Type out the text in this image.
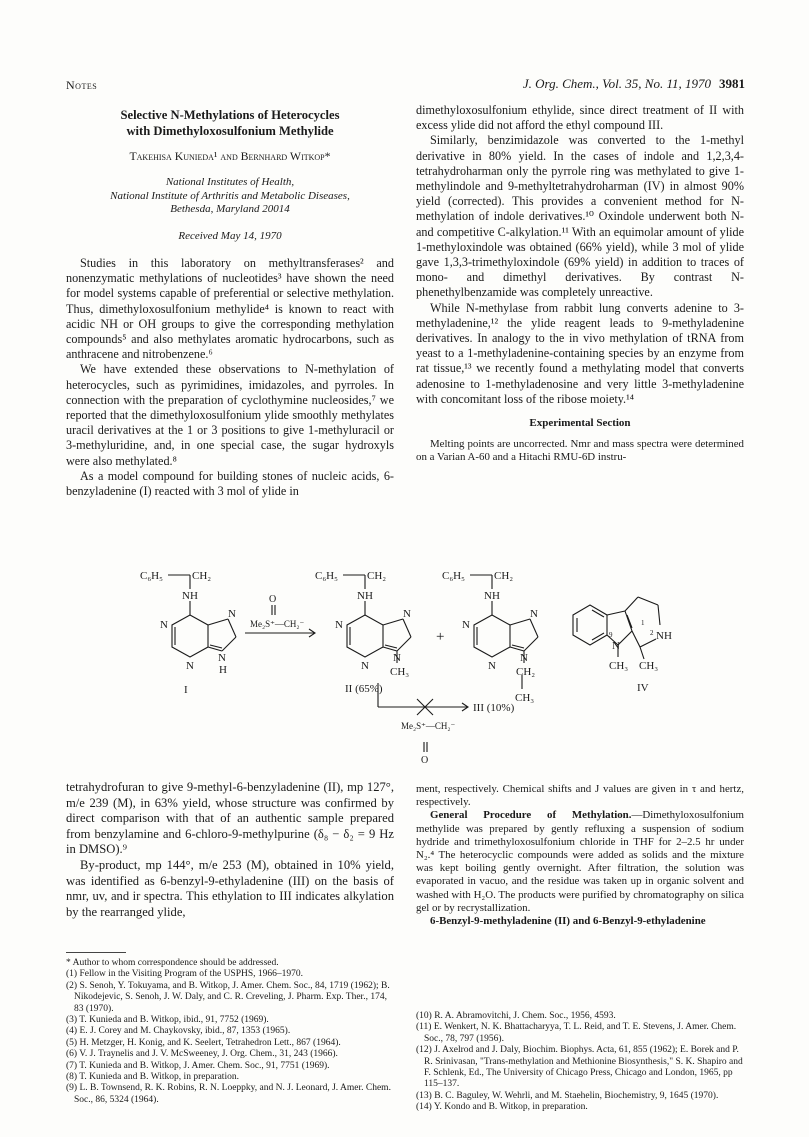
Notes	J. Org. Chem., Vol. 35, No. 11, 1970 3981
Selective N-Methylations of Heterocycles
with Dimethyloxosulfonium Methylide
Takehisa Kunieda¹ and Bernhard Witkop*
National Institutes of Health,
National Institute of Arthritis and Metabolic Diseases,
Bethesda, Maryland 20014
Received May 14, 1970

Studies in this laboratory on methyltransferases² and nonenzymatic methylations of nucleotides³ have shown the need for model systems capable of preferential or selective methylation. Thus, dimethyloxosulfonium methylide⁴ is known to react with acidic NH or OH groups to give the corresponding methylation compounds⁵ and also methylates aromatic hydrocarbons, such as anthracene and nitrobenzene.⁶

We have extended these observations to N-methylation of heterocycles, such as pyrimidines, imidazoles, and pyrroles. In connection with the preparation of cyclothymine nucleosides,⁷ we reported that the dimethyloxosulfonium ylide smoothly methylates uracil derivatives at the 1 or 3 positions to give 1-methyluracil or 3-methyluridine, and, in one special case, the sugar hydroxyls were also methylated.⁸

As a model compound for building stones of nucleic acids, 6-benzyladenine (I) reacted with 3 mol of ylide in

dimethyloxosulfonium ethylide, since direct treatment of II with excess ylide did not afford the ethyl compound III.

Similarly, benzimidazole was converted to the 1-methyl derivative in 80% yield. In the cases of indole and 1,2,3,4-tetrahydroharman only the pyrrole ring was methylated to give 1-methylindole and 9-methyltetrahydroharman (IV) in almost 90% yield (corrected). This provides a convenient method for N-methylation of indole derivatives.¹⁰ Oxindole underwent both N- and competitive C-alkylation.¹¹ With an equimolar amount of ylide 1-methyloxindole was obtained (66% yield), while 3 mol of ylide gave 1,3,3-trimethyloxindole (69% yield) in addition to traces of mono- and dimethyl derivatives. By contrast N-phenethylbenzamide was completely unreactive.

While N-methylase from rabbit lung converts adenine to 3-methyladenine,¹² the ylide reagent leads to 9-methyladenine derivatives. In analogy to the in vivo methylation of tRNA from yeast to a 1-methyladenine-containing species by an enzyme from rat tissue,¹³ we recently found a methylating model that converts adenosine to 1-methyladenosine and very little 3-methyladenine with concomitant loss of the ribose moiety.¹⁴

Experimental Section

Melting points are uncorrected. Nmr and mass spectra were determined on a Varian A-60 and a Hitachi RMU-6D instru-

C₆H₅	CH₂
NH
N
N
N
N
H
I
O
Me₂S⁺—CH₂⁻
C₆H₅	CH₂
NH
N
N
N
N
CH₃
II (65%)
+
C₆H₅	CH₂
NH
N
N
N
N
CH₂
CH₃
N
9
1
2 NH
CH₃ CH₃
IV
III (10%)
Me₂S⁺—CH₂⁻
O

tetrahydrofuran to give 9-methyl-6-benzyladenine (II), mp 127°, m/e 239 (M), in 63% yield, whose structure was confirmed by direct comparison with that of an authentic sample prepared from benzylamine and 6-chloro-9-methylpurine (δ₈ − δ₂ = 9 Hz in DMSO).⁹

By-product, mp 144°, m/e 253 (M), obtained in 10% yield, was identified as 6-benzyl-9-ethyladenine (III) on the basis of nmr, uv, and ir spectra. This ethylation to III indicates alkylation by the rearranged ylide,

ment, respectively. Chemical shifts and J values are given in τ and hertz, respectively.

General Procedure of Methylation.—Dimethyloxosulfonium methylide was prepared by gently refluxing a suspension of sodium hydride and trimethyloxosulfonium chloride in THF for 2–2.5 hr under N₂.⁴ The heterocyclic compounds were added as solids and the mixture was kept boiling gently overnight. After filtration, the solution was evaporated in vacuo, and the residue was taken up in organic solvent and washed with H₂O. The products were purified by chromatography on silica gel or by recrystallization.

6-Benzyl-9-methyladenine (II) and 6-Benzyl-9-ethyladenine

* Author to whom correspondence should be addressed.
(1) Fellow in the Visiting Program of the USPHS, 1966–1970.
(2) S. Senoh, Y. Tokuyama, and B. Witkop, J. Amer. Chem. Soc., 84, 1719 (1962); B. Nikodejevic, S. Senoh, J. W. Daly, and C. R. Creveling, J. Pharm. Exp. Ther., 174, 83 (1970).
(3) T. Kunieda and B. Witkop, ibid., 91, 7752 (1969).
(4) E. J. Corey and M. Chaykovsky, ibid., 87, 1353 (1965).
(5) H. Metzger, H. Konig, and K. Seelert, Tetrahedron Lett., 867 (1964).
(6) V. J. Traynelis and J. V. McSweeney, J. Org. Chem., 31, 243 (1966).
(7) T. Kunieda and B. Witkop, J. Amer. Chem. Soc., 91, 7751 (1969).
(8) T. Kunieda and B. Witkop, in preparation.
(9) L. B. Townsend, R. K. Robins, R. N. Loeppky, and N. J. Leonard, J. Amer. Chem. Soc., 86, 5324 (1964).
(10) R. A. Abramovitchi, J. Chem. Soc., 1956, 4593.
(11) E. Wenkert, N. K. Bhattacharyya, T. L. Reid, and T. E. Stevens, J. Amer. Chem. Soc., 78, 797 (1956).
(12) J. Axelrod and J. Daly, Biochim. Biophys. Acta, 61, 855 (1962); E. Borek and P. R. Srinivasan, "Trans-methylation and Methionine Biosynthesis," S. K. Shapiro and F. Schlenk, Ed., The University of Chicago Press, Chicago and London, 1965, pp 115–137.
(13) B. C. Baguley, W. Wehrli, and M. Staehelin, Biochemistry, 9, 1645 (1970).
(14) Y. Kondo and B. Witkop, in preparation.
